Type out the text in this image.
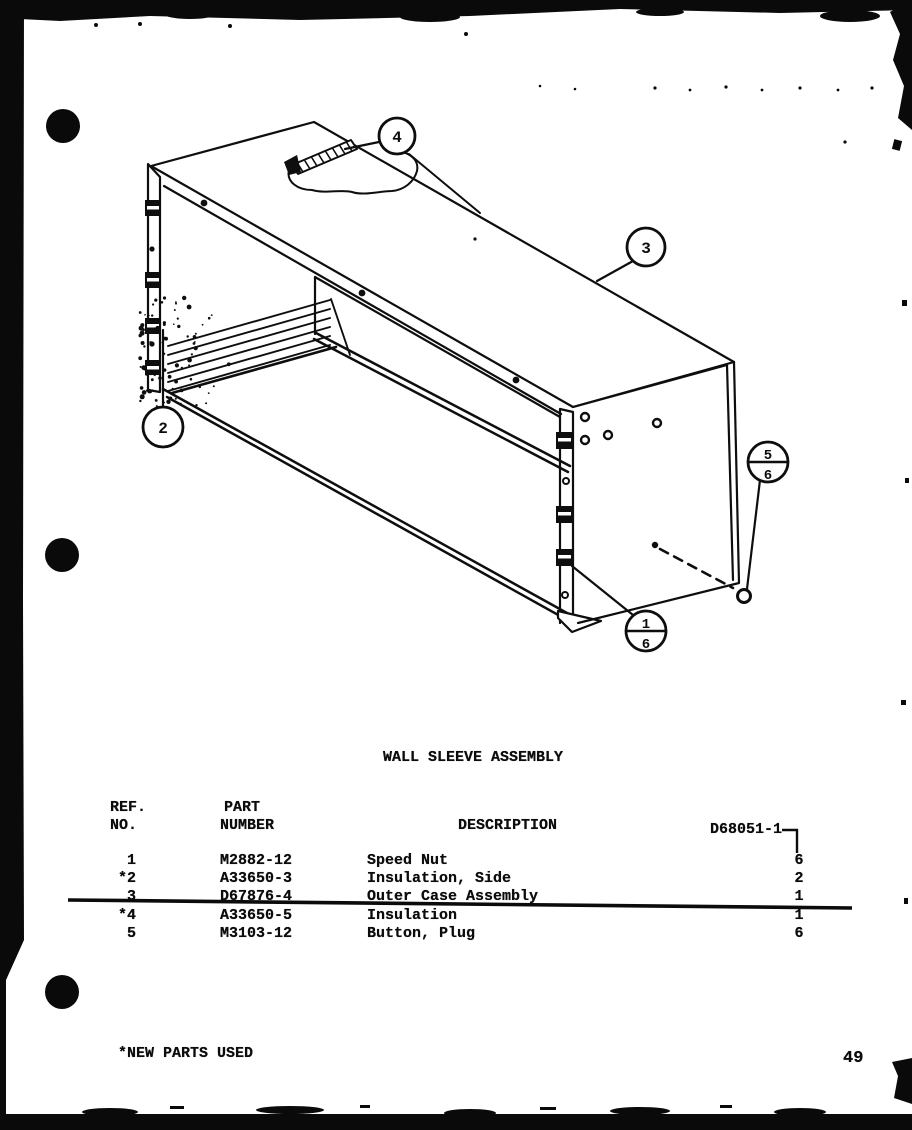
4
3
2
5
6
1
6
WALL SLEEVE ASSEMBLY
REF.
NO.
PART
NUMBER	DESCRIPTION	D68051-1
1	M2882-12	Speed Nut	6
*2	A33650-3	Insulation, Side	2
3	D67876-4	Outer Case Assembly	1
*4	A33650-5	Insulation	1
5	M3103-12	Button, Plug	6
*NEW PARTS USED	49
